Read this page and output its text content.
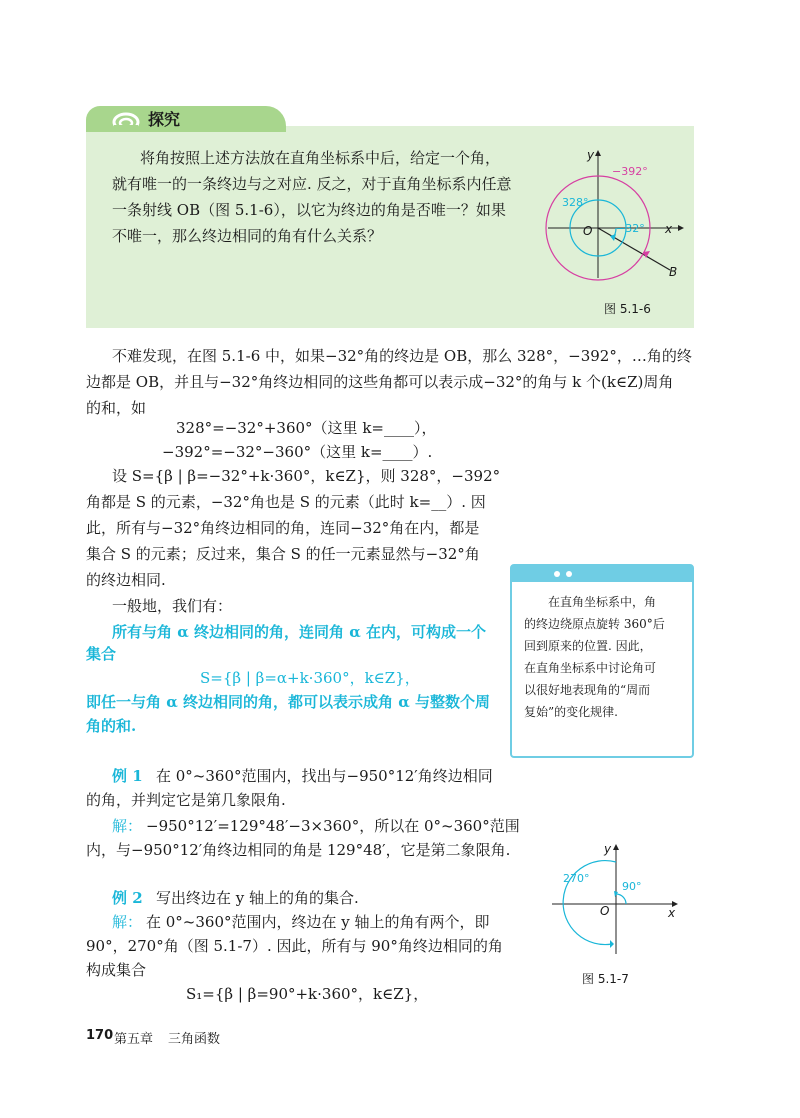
探究
将角按照上述方法放在直角坐标系中后，给定一个角，
就有唯一的一条终边与之对应. 反之，对于直角坐标系内任意
一条射线 OB（图 5.1-6），以它为终边的角是否唯一？如果
不唯一，那么终边相同的角有什么关系？
y
x
O
B
−392°
328°
−32°
图 5.1-6
不难发现，在图 5.1-6 中，如果−32°角的终边是 OB，那么 328°，−392°，…角的终
边都是 OB，并且与−32°角终边相同的这些角都可以表示成−32°的角与 k 个(k∈Z)周角
的和，如
328°=−32°+360°（这里 k=____），
−392°=−32°−360°（这里 k=____）.
设 S={β | β=−32°+k·360°，k∈Z}，则 328°，−392°
角都是 S 的元素，−32°角也是 S 的元素（此时 k=__）. 因
此，所有与−32°角终边相同的角，连同−32°角在内，都是
集合 S 的元素；反过来，集合 S 的任一元素显然与−32°角
的终边相同.
一般地，我们有：
所有与角 α 终边相同的角，连同角 α 在内，可构成一个
集合
S={β | β=α+k·360°，k∈Z}，
即任一与角 α 终边相同的角，都可以表示成角 α 与整数个周
角的和.
例 1 在 0°~360°范围内，找出与−950°12′角终边相同
的角，并判定它是第几象限角.
解： −950°12′=129°48′−3×360°，所以在 0°~360°范围
内，与−950°12′角终边相同的角是 129°48′，它是第二象限角.
例 2 写出终边在 y 轴上的角的集合.
解： 在 0°~360°范围内，终边在 y 轴上的角有两个，即
90°，270°角（图 5.1-7）. 因此，所有与 90°角终边相同的角
构成集合
S₁={β | β=90°+k·360°，k∈Z}，
在直角坐标系中，角
的终边绕原点旋转 360°后
回到原来的位置. 因此，
在直角坐标系中讨论角可
以很好地表现角的“周而
复始”的变化规律.
y
x
O
270°
90°
图 5.1-7
170 第五章 三角函数
